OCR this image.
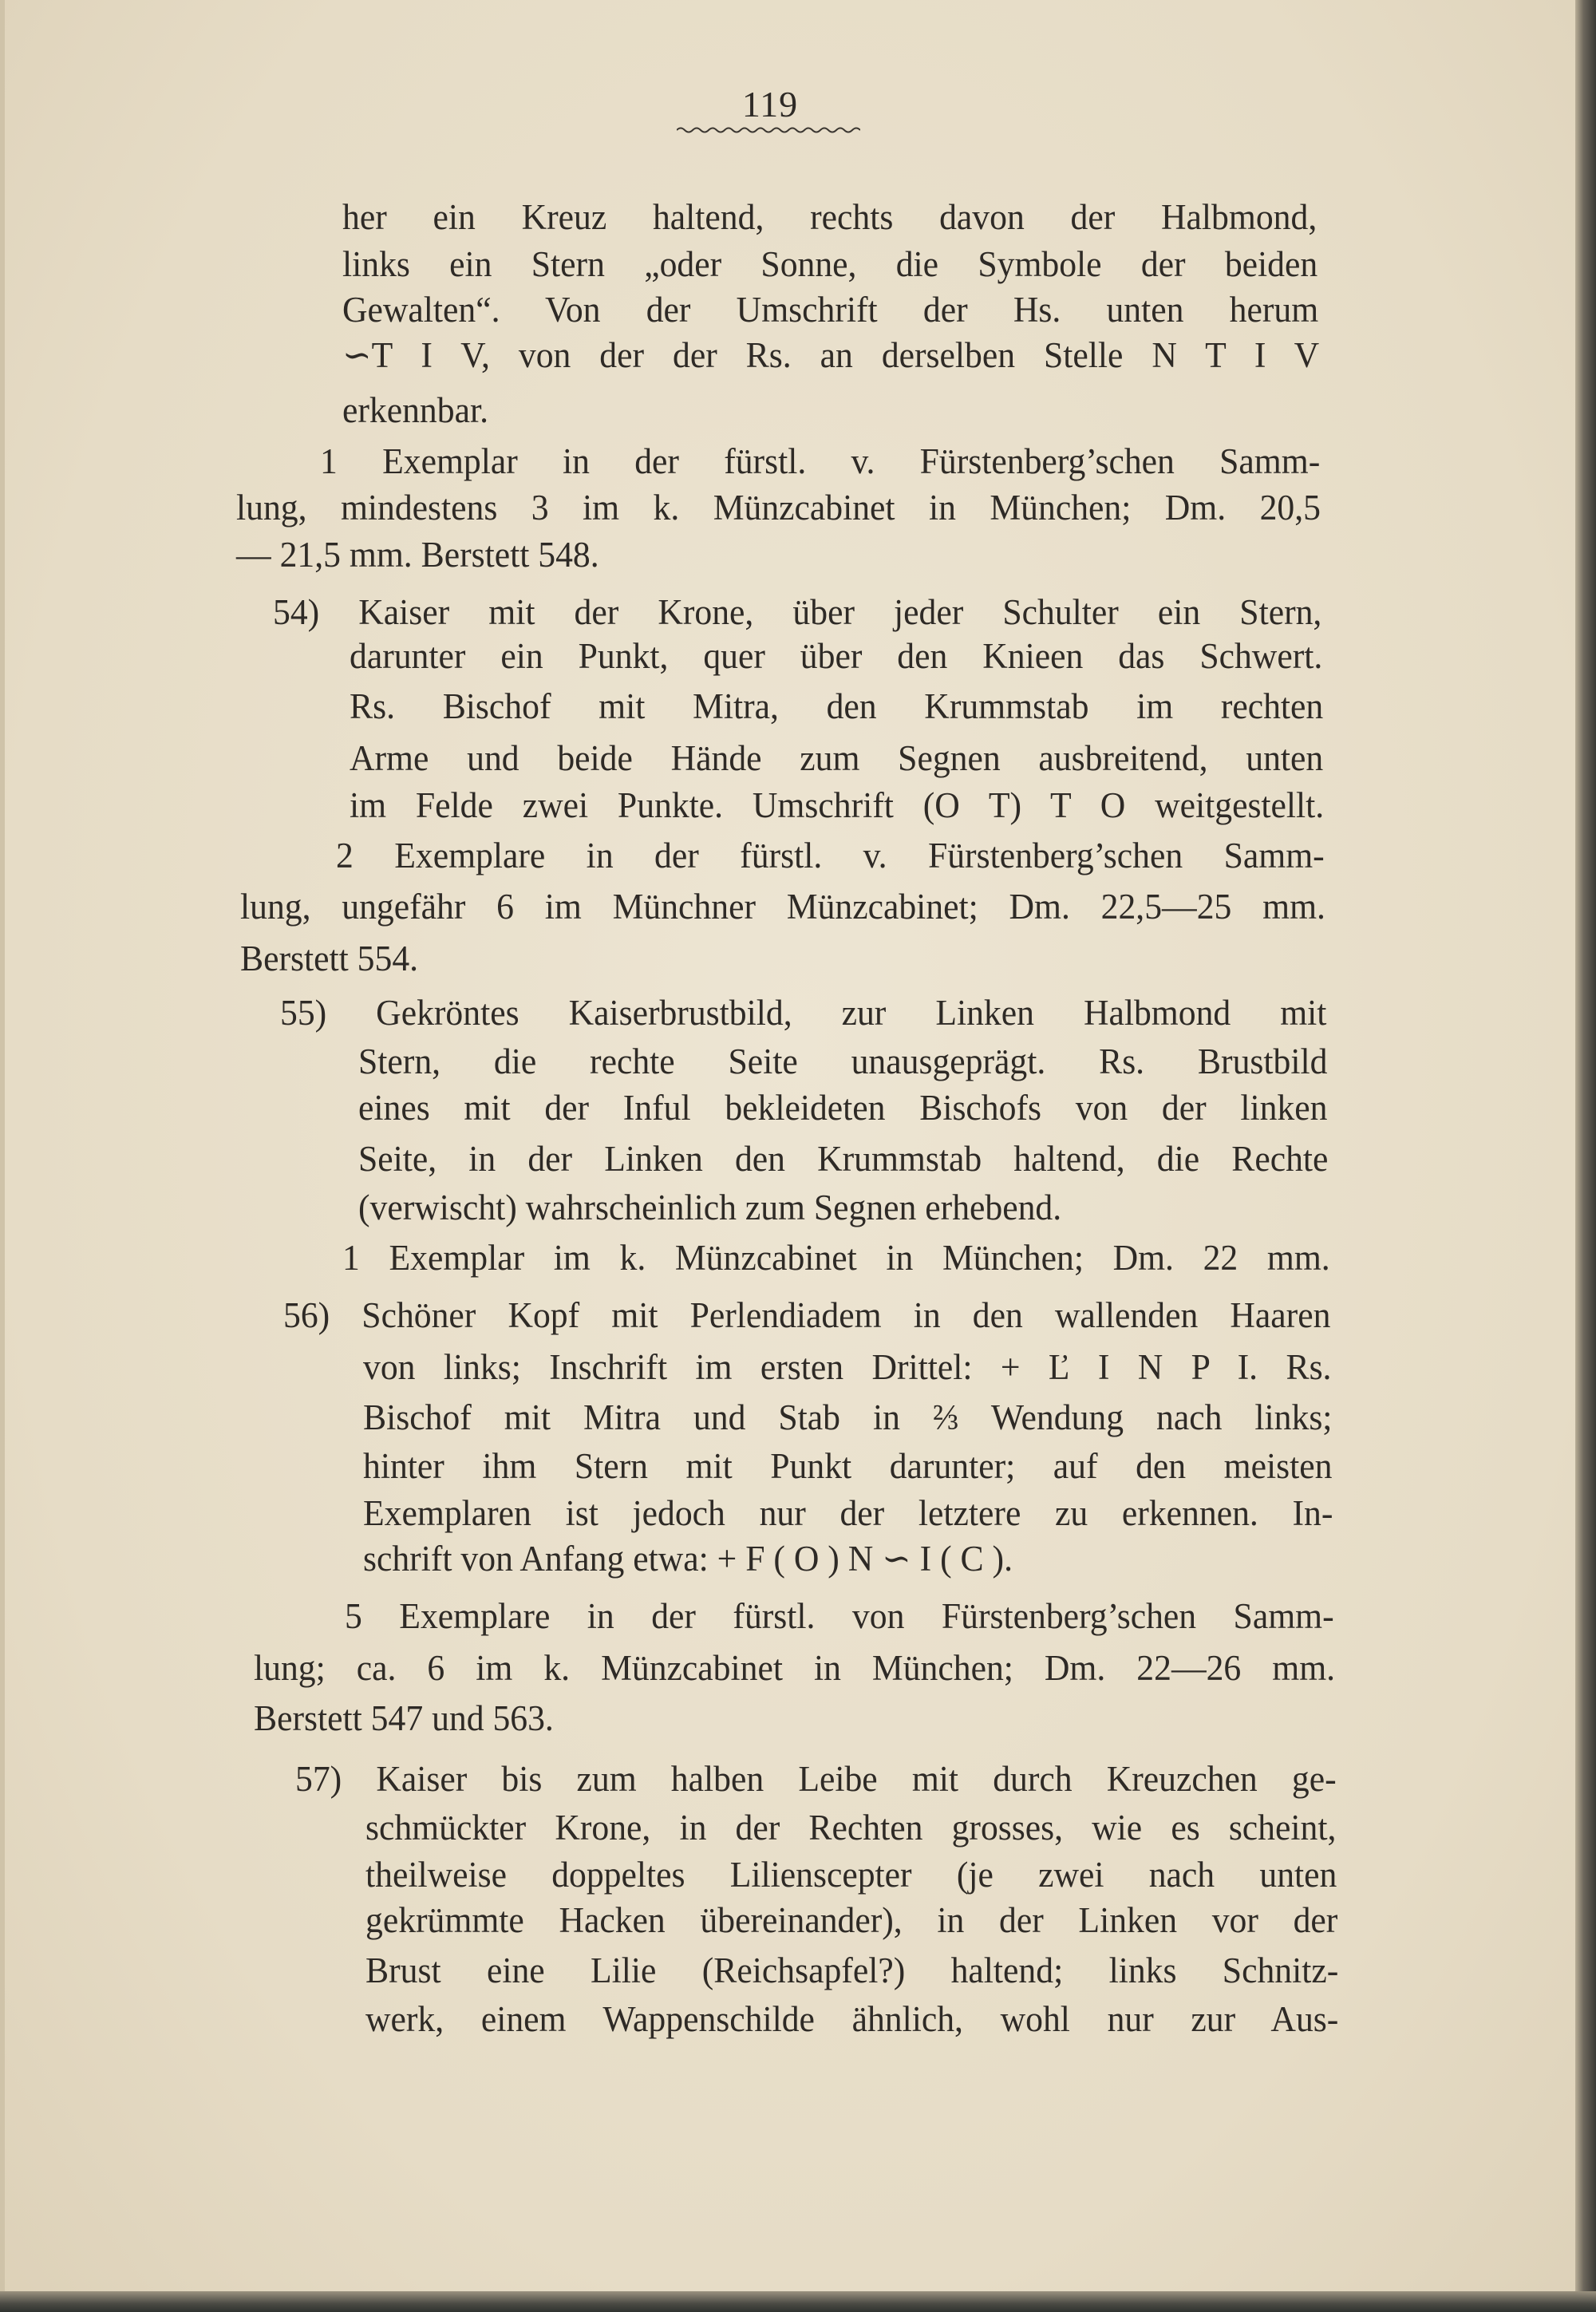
119
her ein Kreuz haltend, rechts davon der Halbmond,
links ein Stern „oder Sonne, die Symbole der beiden
Gewalten“. Von der Umschrift der Hs. unten herum
∽T I V, von der der Rs. an derselben Stelle N T I V
erkennbar.
1 Exemplar in der fürstl. v. Fürstenberg’schen Samm-
lung, mindestens 3 im k. Münzcabinet in München; Dm. 20,5
— 21,5 mm. Berstett 548.
54) Kaiser mit der Krone, über jeder Schulter ein Stern,
darunter ein Punkt, quer über den Knieen das Schwert.
Rs. Bischof mit Mitra, den Krummstab im rechten
Arme und beide Hände zum Segnen ausbreitend, unten
im Felde zwei Punkte. Umschrift (O T) T O weitgestellt.
2 Exemplare in der fürstl. v. Fürstenberg’schen Samm-
lung, ungefähr 6 im Münchner Münzcabinet; Dm. 22,5—25 mm.
Berstett 554.
55) Gekröntes Kaiserbrustbild, zur Linken Halbmond mit
Stern, die rechte Seite unausgeprägt. Rs. Brustbild
eines mit der Inful bekleideten Bischofs von der linken
Seite, in der Linken den Krummstab haltend, die Rechte
(verwischt) wahrscheinlich zum Segnen erhebend.
1 Exemplar im k. Münzcabinet in München; Dm. 22 mm.
56) Schöner Kopf mit Perlendiadem in den wallenden Haaren
von links; Inschrift im ersten Drittel: + Ľ I N P I. Rs.
Bischof mit Mitra und Stab in ⅔ Wendung nach links;
hinter ihm Stern mit Punkt darunter; auf den meisten
Exemplaren ist jedoch nur der letztere zu erkennen. In-
schrift von Anfang etwa: + F ( O ) N ∽ I ( C ).
5 Exemplare in der fürstl. von Fürstenberg’schen Samm-
lung; ca. 6 im k. Münzcabinet in München; Dm. 22—26 mm.
Berstett 547 und 563.
57) Kaiser bis zum halben Leibe mit durch Kreuzchen ge-
schmückter Krone, in der Rechten grosses, wie es scheint,
theilweise doppeltes Lilienscepter (je zwei nach unten
gekrümmte Hacken übereinander), in der Linken vor der
Brust eine Lilie (Reichsapfel?) haltend; links Schnitz-
werk, einem Wappenschilde ähnlich, wohl nur zur Aus-
